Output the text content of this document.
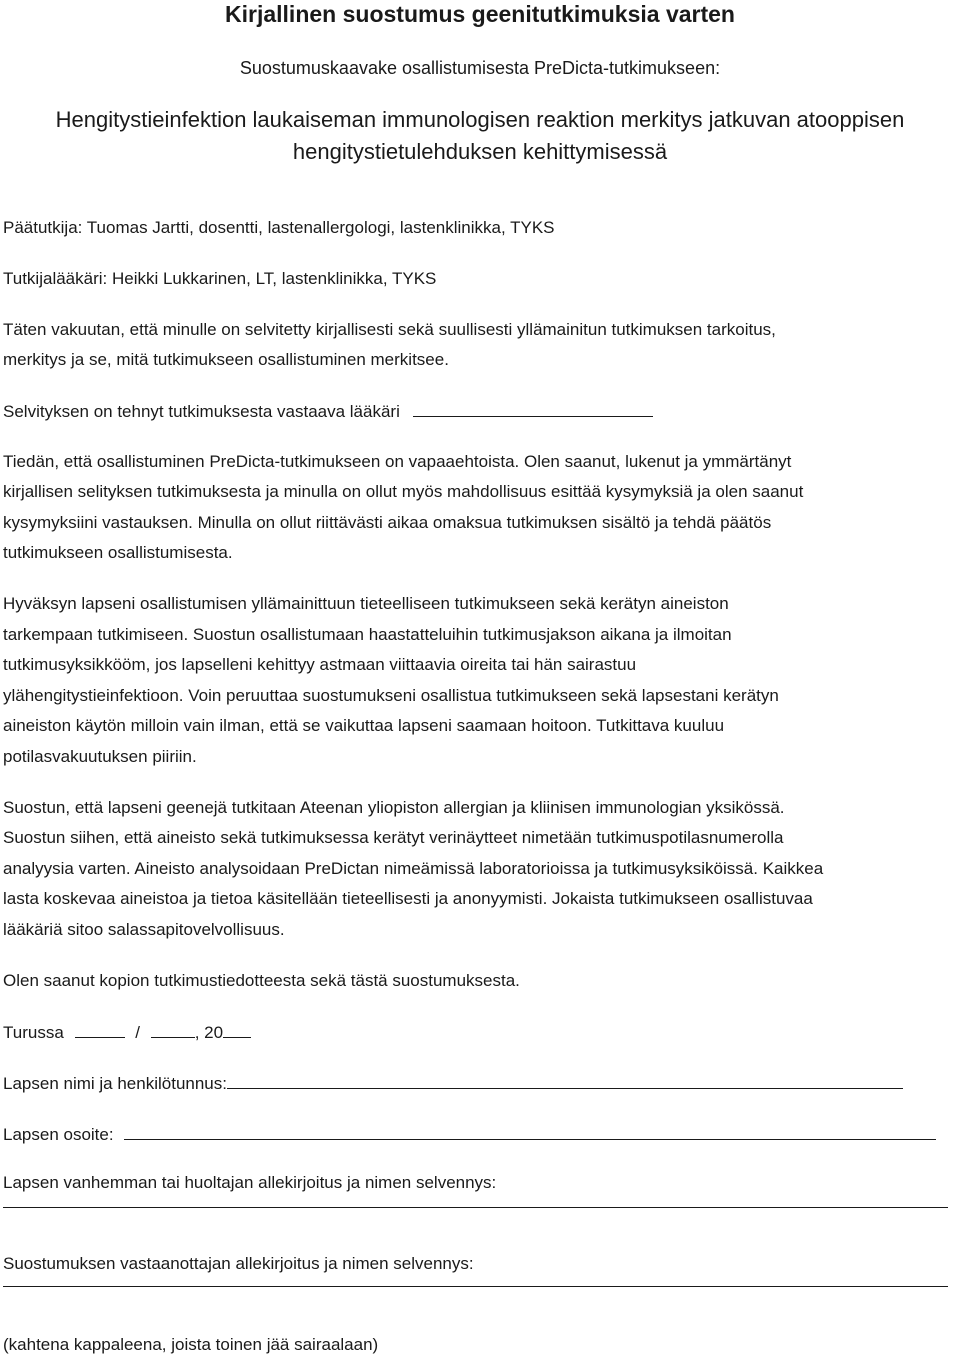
Kirjallinen suostumus geenitutkimuksia varten
Suostumuskaavake osallistumisesta PreDicta-tutkimukseen:
Hengitystieinfektion laukaiseman immunologisen reaktion merkitys jatkuvan atooppisen
hengitystietulehduksen kehittymisessä
Päätutkija: Tuomas Jartti, dosentti, lastenallergologi, lastenklinikka, TYKS
Tutkijalääkäri: Heikki Lukkarinen, LT, lastenklinikka, TYKS
Täten vakuutan, että minulle on selvitetty kirjallisesti sekä suullisesti yllämainitun tutkimuksen tarkoitus,
merkitys ja se, mitä tutkimukseen osallistuminen merkitsee.
Selvityksen on tehnyt tutkimuksesta vastaava lääkäri
Tiedän, että osallistuminen PreDicta-tutkimukseen on vapaaehtoista. Olen saanut, lukenut ja ymmärtänyt
kirjallisen selityksen tutkimuksesta ja minulla on ollut myös mahdollisuus esittää kysymyksiä ja olen saanut
kysymyksiini vastauksen. Minulla on ollut riittävästi aikaa omaksua tutkimuksen sisältö ja tehdä päätös
tutkimukseen osallistumisesta.
Hyväksyn lapseni osallistumisen yllämainittuun tieteelliseen tutkimukseen sekä kerätyn aineiston
tarkempaan tutkimiseen. Suostun osallistumaan haastatteluihin tutkimusjakson aikana ja ilmoitan
tutkimusyksikkööm, jos lapselleni kehittyy astmaan viittaavia oireita tai hän sairastuu
ylähengitystieinfektioon. Voin peruuttaa suostumukseni osallistua tutkimukseen sekä lapsestani kerätyn
aineiston käytön milloin vain ilman, että se vaikuttaa lapseni saamaan hoitoon. Tutkittava kuuluu
potilasvakuutuksen piiriin.
Suostun, että lapseni geenejä tutkitaan Ateenan yliopiston allergian ja kliinisen immunologian yksikössä.
Suostun siihen, että aineisto sekä tutkimuksessa kerätyt verinäytteet nimetään tutkimuspotilasnumerolla
analyysia varten. Aineisto analysoidaan PreDictan nimeämissä laboratorioissa ja tutkimusyksiköissä. Kaikkea
lasta koskevaa aineistoa ja tietoa käsitellään tieteellisesti ja anonyymisti. Jokaista tutkimukseen osallistuvaa
lääkäriä sitoo salassapitovelvollisuus.
Olen saanut kopion tutkimustiedotteesta sekä tästä suostumuksesta.
Turussa	/	, 20
Lapsen nimi ja henkilötunnus:
Lapsen osoite:
Lapsen vanhemman tai huoltajan allekirjoitus ja nimen selvennys:
Suostumuksen vastaanottajan allekirjoitus ja nimen selvennys:
(kahtena kappaleena, joista toinen jää sairaalaan)
